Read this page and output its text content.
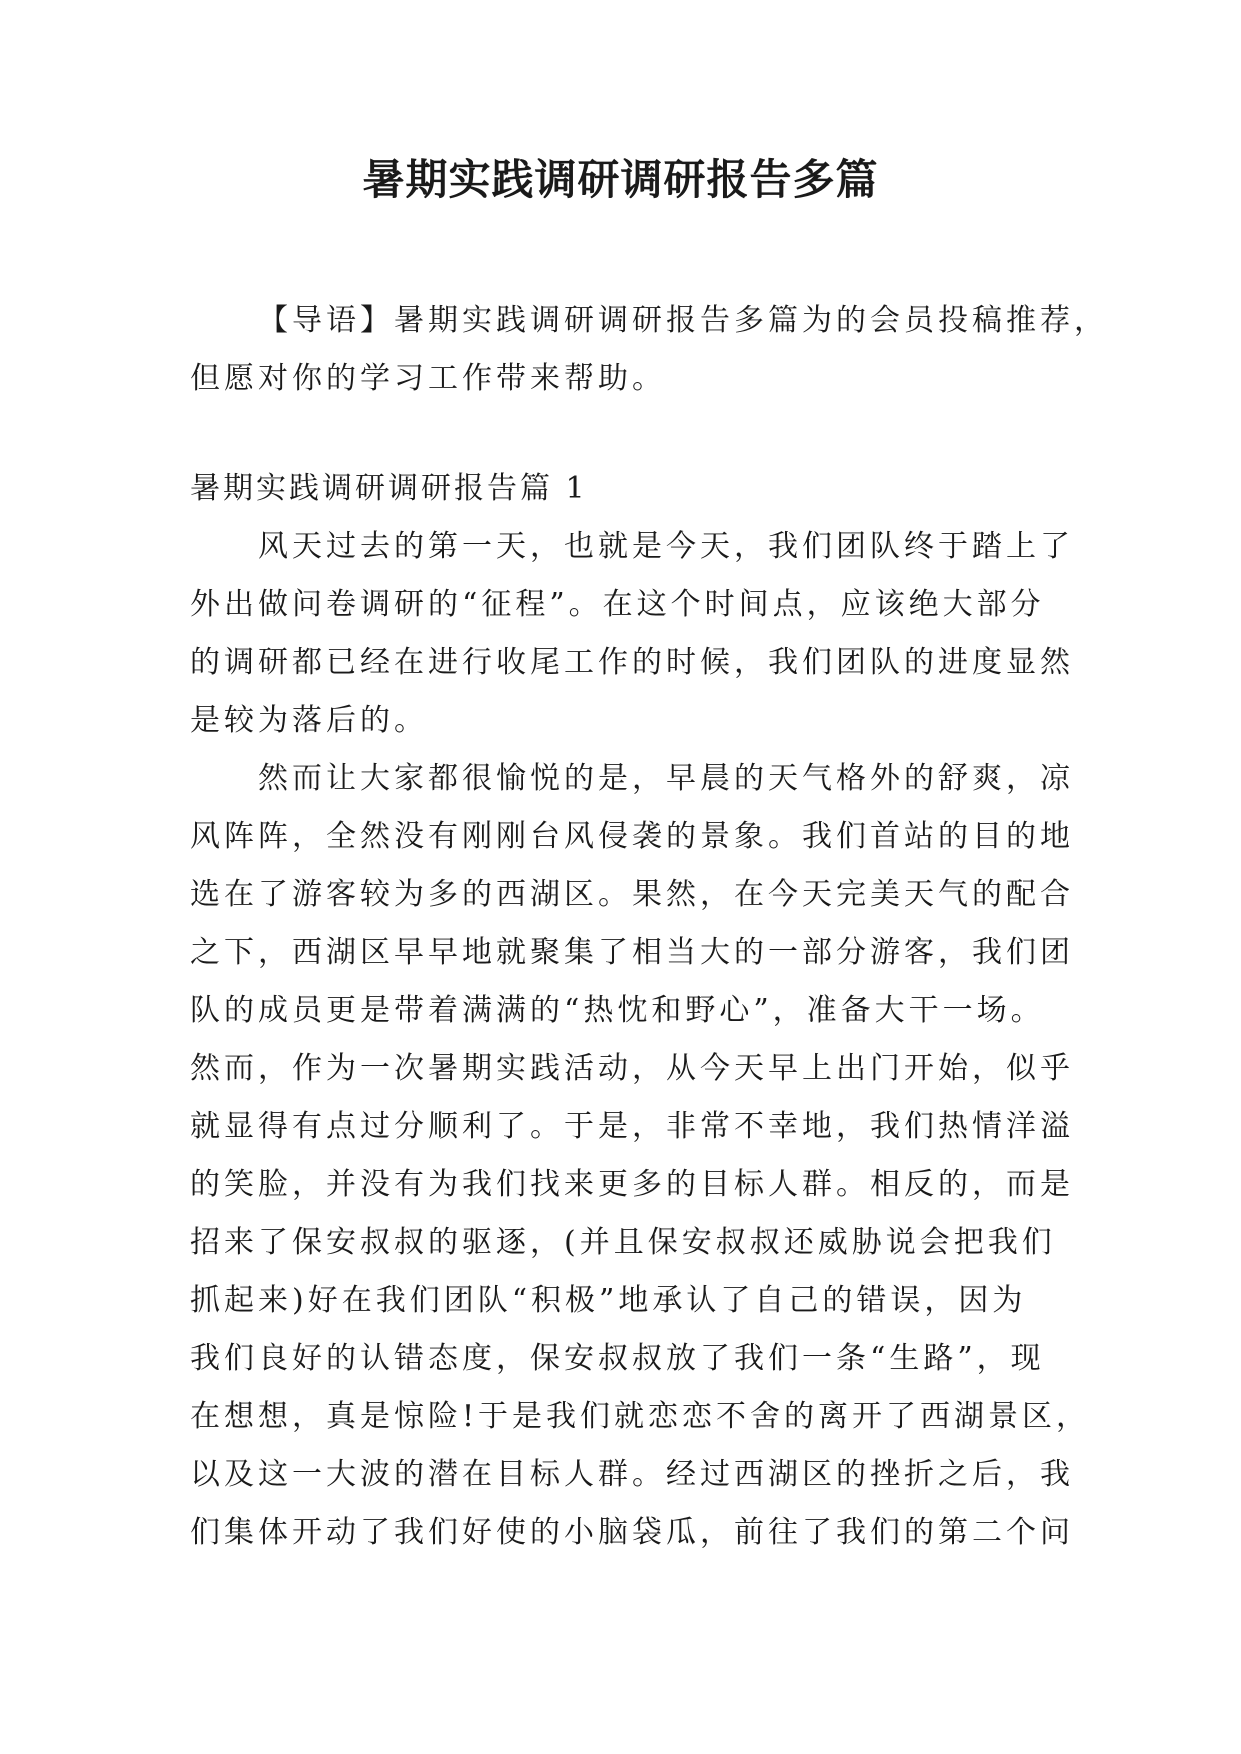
暑期实践调研调研报告多篇
【导语】暑期实践调研调研报告多篇为的会员投稿推荐，
但愿对你的学习工作带来帮助。

暑期实践调研调研报告篇 1

风天过去的第一天，也就是今天，我们团队终于踏上了
外出做问卷调研的“征程”。在这个时间点，应该绝大部分
的调研都已经在进行收尾工作的时候，我们团队的进度显然
是较为落后的。
然而让大家都很愉悦的是，早晨的天气格外的舒爽，凉
风阵阵，全然没有刚刚台风侵袭的景象。我们首站的目的地
选在了游客较为多的西湖区。果然，在今天完美天气的配合
之下，西湖区早早地就聚集了相当大的一部分游客，我们团
队的成员更是带着满满的“热忱和野心”，准备大干一场。
然而，作为一次暑期实践活动，从今天早上出门开始，似乎
就显得有点过分顺利了。于是，非常不幸地，我们热情洋溢
的笑脸，并没有为我们找来更多的目标人群。相反的，而是
招来了保安叔叔的驱逐，(并且保安叔叔还威胁说会把我们
抓起来)好在我们团队“积极”地承认了自己的错误，因为
我们良好的认错态度，保安叔叔放了我们一条“生路”，现
在想想，真是惊险!于是我们就恋恋不舍的离开了西湖景区，
以及这一大波的潜在目标人群。经过西湖区的挫折之后，我
们集体开动了我们好使的小脑袋瓜，前往了我们的第二个问
